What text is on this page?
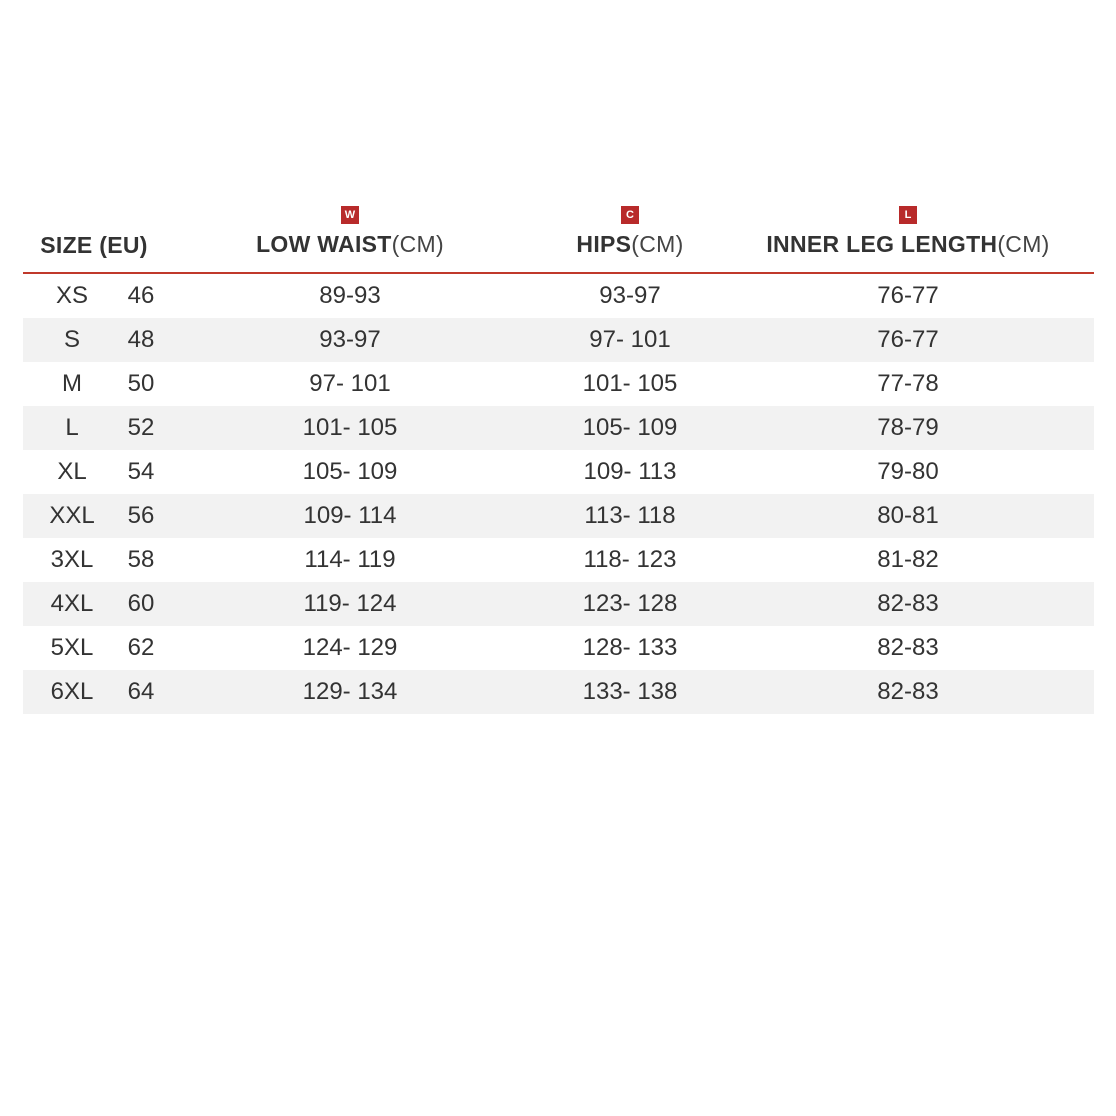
SIZE (EU)
W
LOW WAIST(CM)
C
HIPS(CM)
L
INNER LEG LENGTH(CM)
XS	46	89-93	93-97	76-77
S	48	93-97	97- 101	76-77
M	50	97- 101	101- 105	77-78
L	52	101- 105	105- 109	78-79
XL	54	105- 109	109- 113	79-80
XXL	56	109- 114	113- 118	80-81
3XL	58	114- 119	118- 123	81-82
4XL	60	119- 124	123- 128	82-83
5XL	62	124- 129	128- 133	82-83
6XL	64	129- 134	133- 138	82-83
